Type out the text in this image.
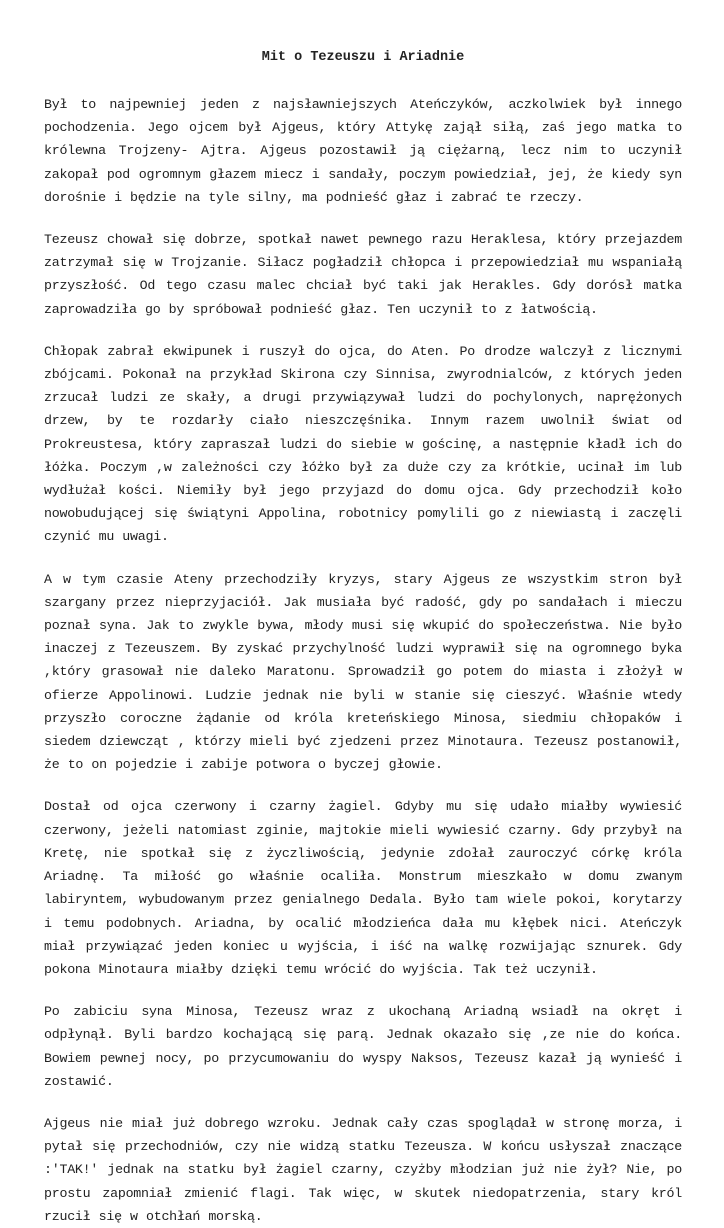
Mit o Tezeuszu i Ariadnie

Był to najpewniej jeden z najsławniejszych Ateńczyków, aczkolwiek był innego pochodzenia. Jego ojcem był Ajgeus, który Attykę zajął siłą, zaś jego matka to królewna Trojzeny- Ajtra. Ajgeus pozostawił ją ciężarną, lecz nim to uczynił zakopał pod ogromnym głazem miecz i sandały, poczym powiedział, jej, że kiedy syn dorośnie i będzie na tyle silny, ma podnieść głaz i zabrać te rzeczy.

Tezeusz chował się dobrze, spotkał nawet pewnego razu Heraklesa, który przejazdem zatrzymał się w Trojzanie. Siłacz pogładził chłopca i przepowiedział mu wspaniałą przyszłość. Od tego czasu malec chciał być taki jak Herakles. Gdy dorósł matka zaprowadziła go by spróbował podnieść głaz. Ten uczynił to z łatwością.

Chłopak zabrał ekwipunek i ruszył do ojca, do Aten. Po drodze walczył z licznymi zbójcami. Pokonał na przykład Skirona czy Sinnisa, zwyrodnialców, z których jeden zrzucał ludzi ze skały, a drugi przywiązywał ludzi do pochylonych, naprężonych drzew, by te rozdarły ciało nieszczęśnika. Innym razem uwolnił świat od Prokreustesa, który zapraszał ludzi do siebie w gościnę, a następnie kładł ich do łóżka. Poczym ,w zależności czy łóżko był za duże czy za krótkie, ucinał im lub wydłużał kości. Niemiły był jego przyjazd do domu ojca. Gdy przechodził koło nowobudującej się świątyni Appolina, robotnicy pomylili go z niewiastą i zaczęli czynić mu uwagi.

A w tym czasie Ateny przechodziły kryzys, stary Ajgeus ze wszystkim stron był szargany przez nieprzyjaciół. Jak musiała być radość, gdy po sandałach i mieczu poznał syna. Jak to zwykle bywa, młody musi się wkupić do społeczeństwa. Nie było inaczej z Tezeuszem. By zyskać przychylność ludzi wyprawił się na ogromnego byka ,który grasował nie daleko Maratonu. Sprowadził go potem do miasta i złożył w ofierze Appolinowi. Ludzie jednak nie byli w stanie się cieszyć. Właśnie wtedy przyszło coroczne żądanie od króla kreteńskiego Minosa, siedmiu chłopaków i siedem dziewcząt , którzy mieli być zjedzeni przez Minotaura. Tezeusz postanowił, że to on pojedzie i zabije potwora o byczej głowie.

Dostał od ojca czerwony i czarny żagiel. Gdyby mu się udało miałby wywiesić czerwony, jeżeli natomiast zginie, majtokie mieli wywiesić czarny. Gdy przybył na Kretę, nie spotkał się z życzliwością, jedynie zdołał zauroczyć córkę króla Ariadnę. Ta miłość go właśnie ocaliła. Monstrum mieszkało w domu zwanym labiryntem, wybudowanym przez genialnego Dedala. Było tam wiele pokoi, korytarzy i temu podobnych. Ariadna, by ocalić młodzieńca dała mu kłębek nici. Ateńczyk miał przywiązać jeden koniec u wyjścia, i iść na walkę rozwijając sznurek. Gdy pokona Minotaura miałby dzięki temu wrócić do wyjścia. Tak też uczynił.

Po zabiciu syna Minosa, Tezeusz wraz z ukochaną Ariadną wsiadł na okręt i odpłynął. Byli bardzo kochającą się parą. Jednak okazało się ,ze nie do końca. Bowiem pewnej nocy, po przycumowaniu do wyspy Naksos, Tezeusz kazał ją wynieść i zostawić.

Ajgeus nie miał już dobrego wzroku. Jednak cały czas spoglądał w stronę morza, i pytał się przechodniów, czy nie widzą statku Tezeusza. W końcu usłyszał znaczące :'TAK!' jednak na statku był żagiel czarny, czyżby młodzian już nie żył? Nie, po prostu zapomniał zmienić flagi. Tak więc, w skutek niedopatrzenia, stary król rzucił się w otchłań morską.
